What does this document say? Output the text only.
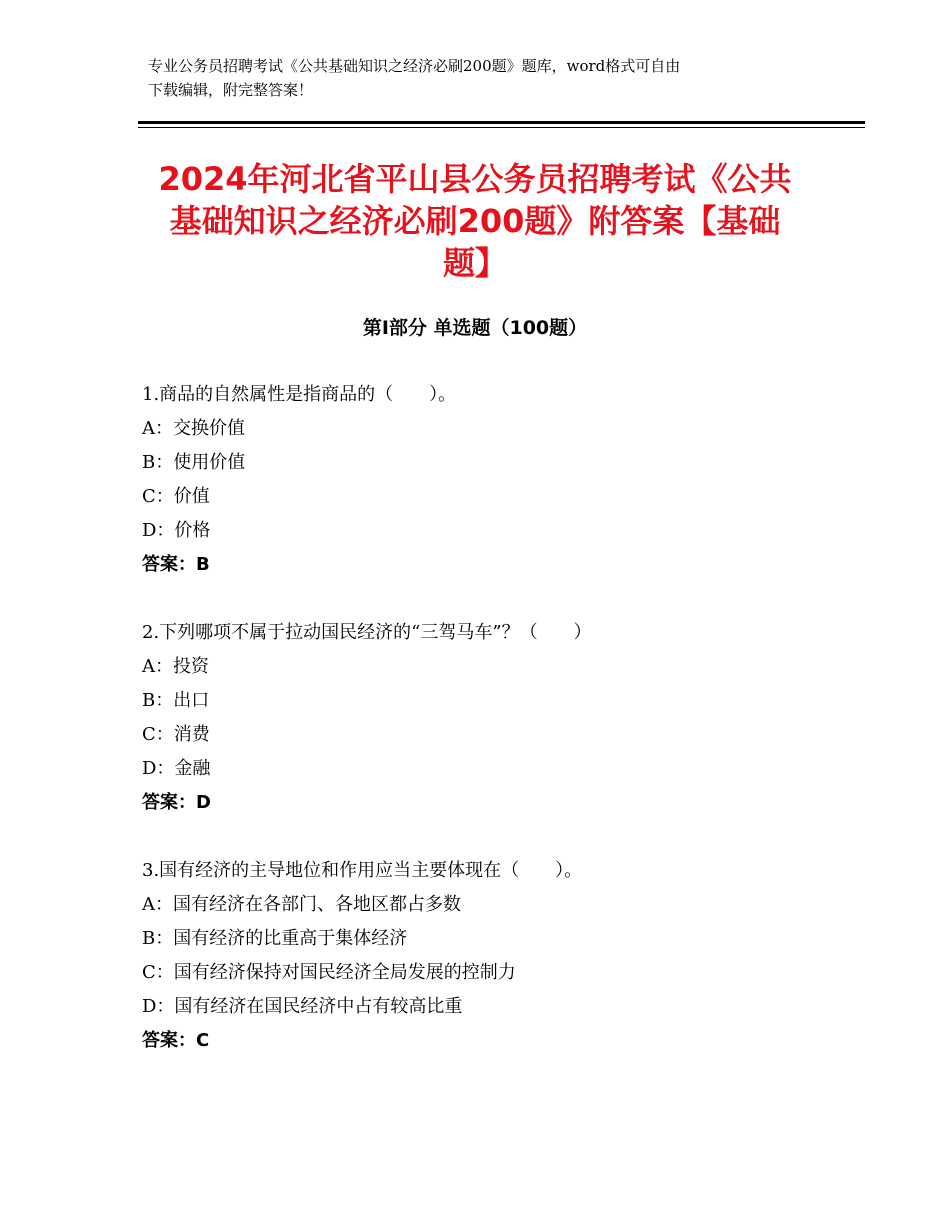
专业公务员招聘考试《公共基础知识之经济必刷200题》题库，word格式可自由
下载编辑，附完整答案！
2024年河北省平山县公务员招聘考试《公共
基础知识之经济必刷200题》附答案【基础
题】
第Ⅰ部分 单选题（100题）
1.商品的自然属性是指商品的（　　）。
A：交换价值
B：使用价值
C：价值
D：价格
答案：B
2.下列哪项不属于拉动国民经济的“三驾马车”？（　　）
A：投资
B：出口
C：消费
D：金融
答案：D
3.国有经济的主导地位和作用应当主要体现在（　　）。
A：国有经济在各部门、各地区都占多数
B：国有经济的比重高于集体经济
C：国有经济保持对国民经济全局发展的控制力
D：国有经济在国民经济中占有较高比重
答案：C
